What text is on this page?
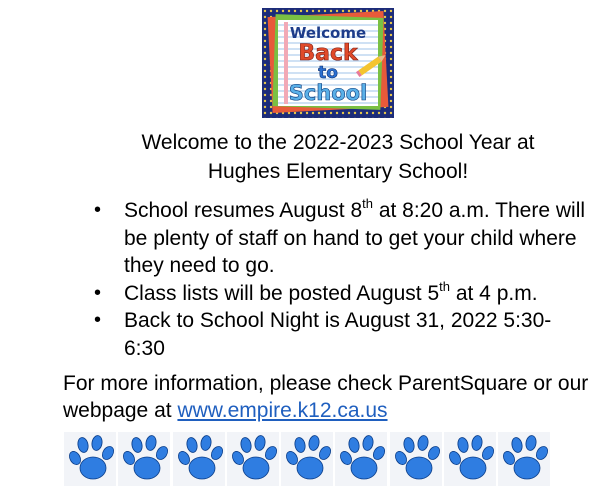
Welcome
Back
to
School
Welcome to the 2022-2023 School Year at
Hughes Elementary School!
• School resumes August 8th at 8:20 a.m. There will be plenty of staff on hand to get your child where they need to go.
• Class lists will be posted August 5th at 4 p.m.
• Back to School Night is August 31, 2022 5:30-6:30
For more information, please check ParentSquare or our webpage at www.empire.k12.ca.us
